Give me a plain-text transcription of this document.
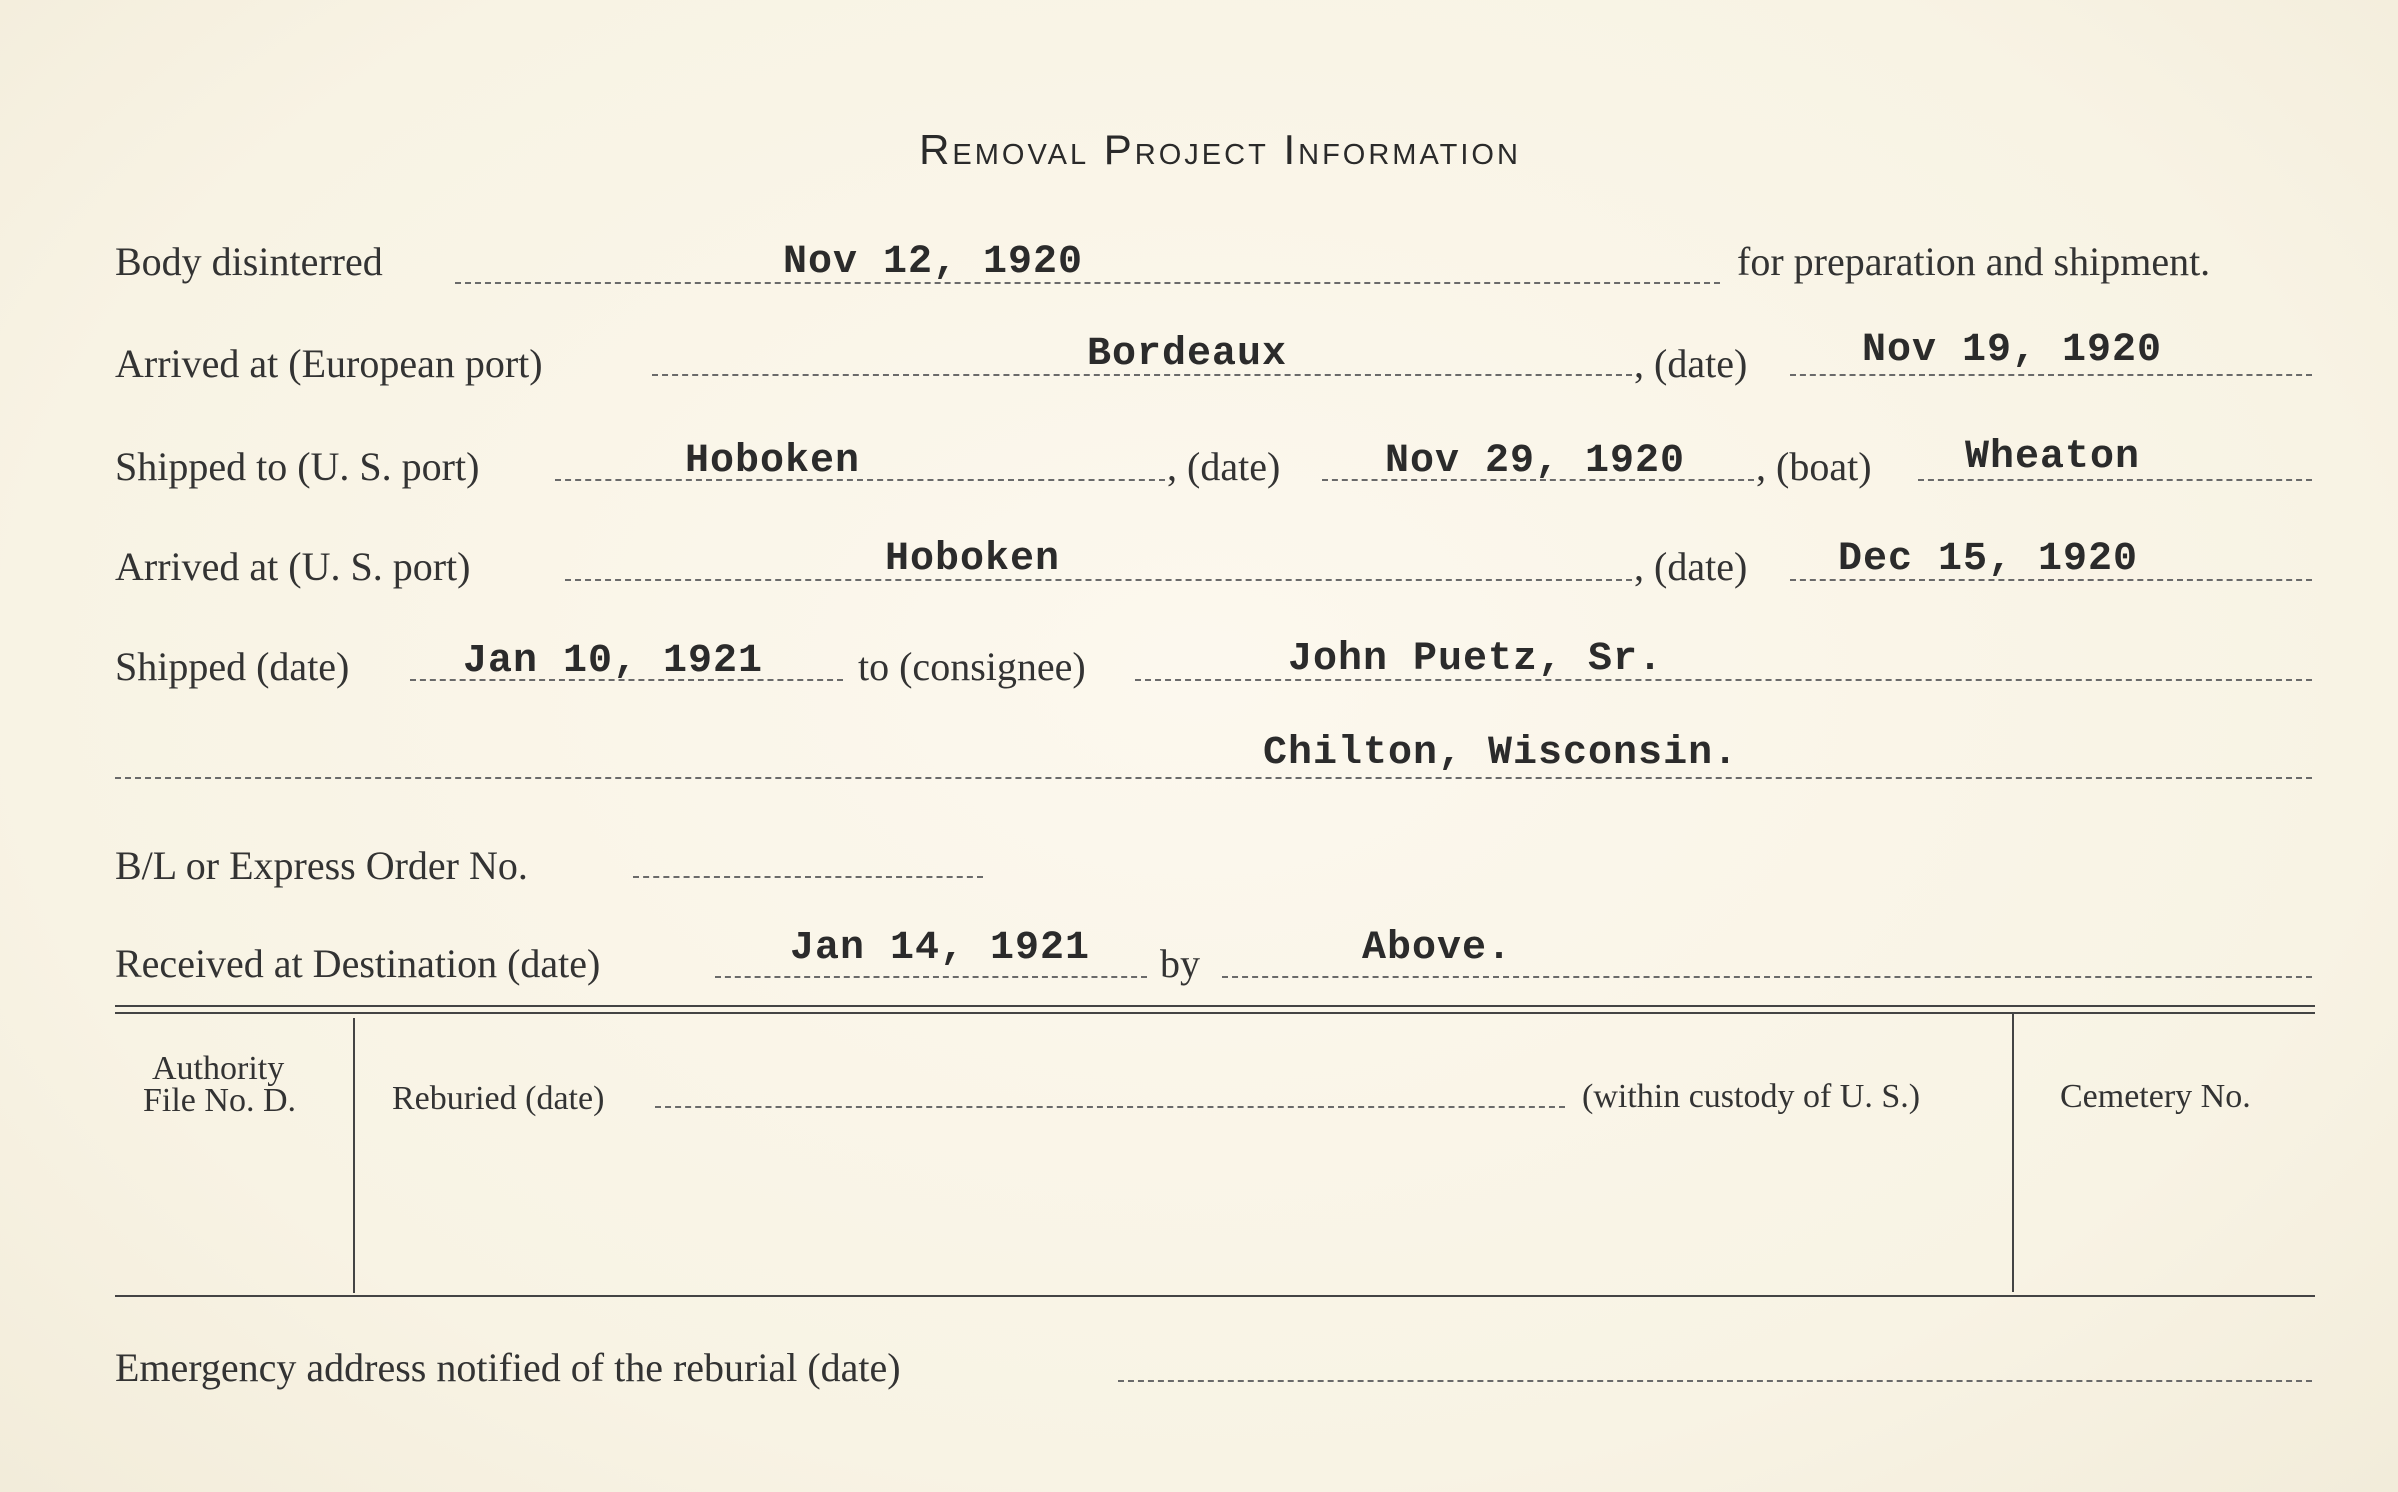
Removal Project Information
Body disinterred	Nov 12, 1920	for preparation and shipment.
Arrived at (European port)	Bordeaux	, (date)	Nov 19, 1920
Shipped to (U. S. port)	Hoboken	, (date)	Nov 29, 1920 , (boat) Wheaton
Arrived at (U. S. port)	Hoboken	, (date) Dec 15, 1920
Shipped (date)	Jan 10, 1921 to (consignee)	John Puetz, Sr.
Chilton, Wisconsin.
B/L or Express Order No.
Received at Destination (date)	Jan 14, 1921 by	Above.
Authority
File No. D.	Reburied (date)	(within custody of U. S.)	Cemetery No.
Emergency address notified of the reburial (date)
